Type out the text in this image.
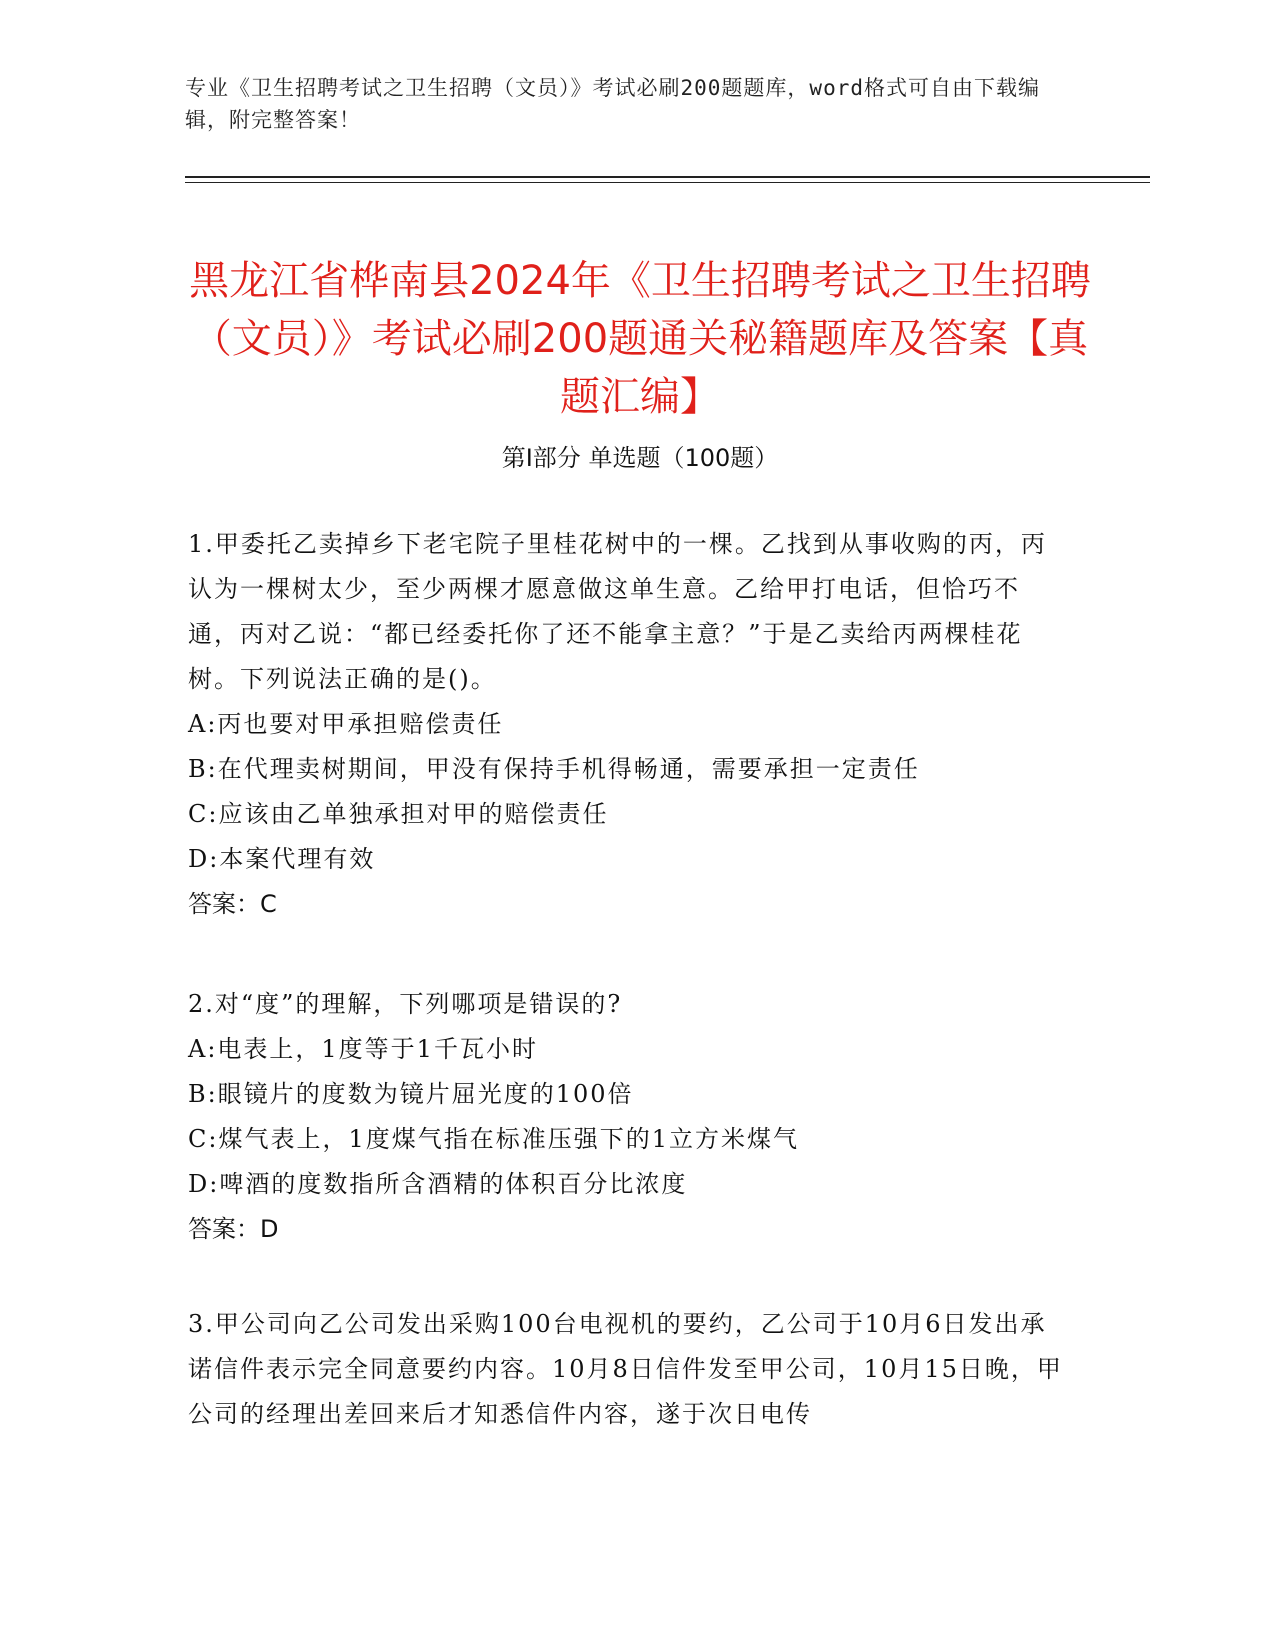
专业《卫生招聘考试之卫生招聘（文员）》考试必刷200题题库，word格式可自由下载编辑，附完整答案！
黑龙江省桦南县2024年《卫生招聘考试之卫生招聘（文员）》考试必刷200题通关秘籍题库及答案【真题汇编】
第Ⅰ部分 单选题（100题）

1.甲委托乙卖掉乡下老宅院子里桂花树中的一棵。乙找到从事收购的丙，丙认为一棵树太少，至少两棵才愿意做这单生意。乙给甲打电话，但恰巧不通，丙对乙说：“都已经委托你了还不能拿主意？”于是乙卖给丙两棵桂花树。下列说法正确的是()。

A:丙也要对甲承担赔偿责任

B:在代理卖树期间，甲没有保持手机得畅通，需要承担一定责任

C:应该由乙单独承担对甲的赔偿责任

D:本案代理有效

答案：C

2.对“度”的理解，下列哪项是错误的?

A:电表上，1度等于1千瓦小时

B:眼镜片的度数为镜片屈光度的100倍

C:煤气表上，1度煤气指在标准压强下的1立方米煤气

D:啤酒的度数指所含酒精的体积百分比浓度

答案：D

3.甲公司向乙公司发出采购100台电视机的要约，乙公司于10月6日发出承诺信件表示完全同意要约内容。10月8日信件发至甲公司，10月15日晚，甲公司的经理出差回来后才知悉信件内容，遂于次日电传
